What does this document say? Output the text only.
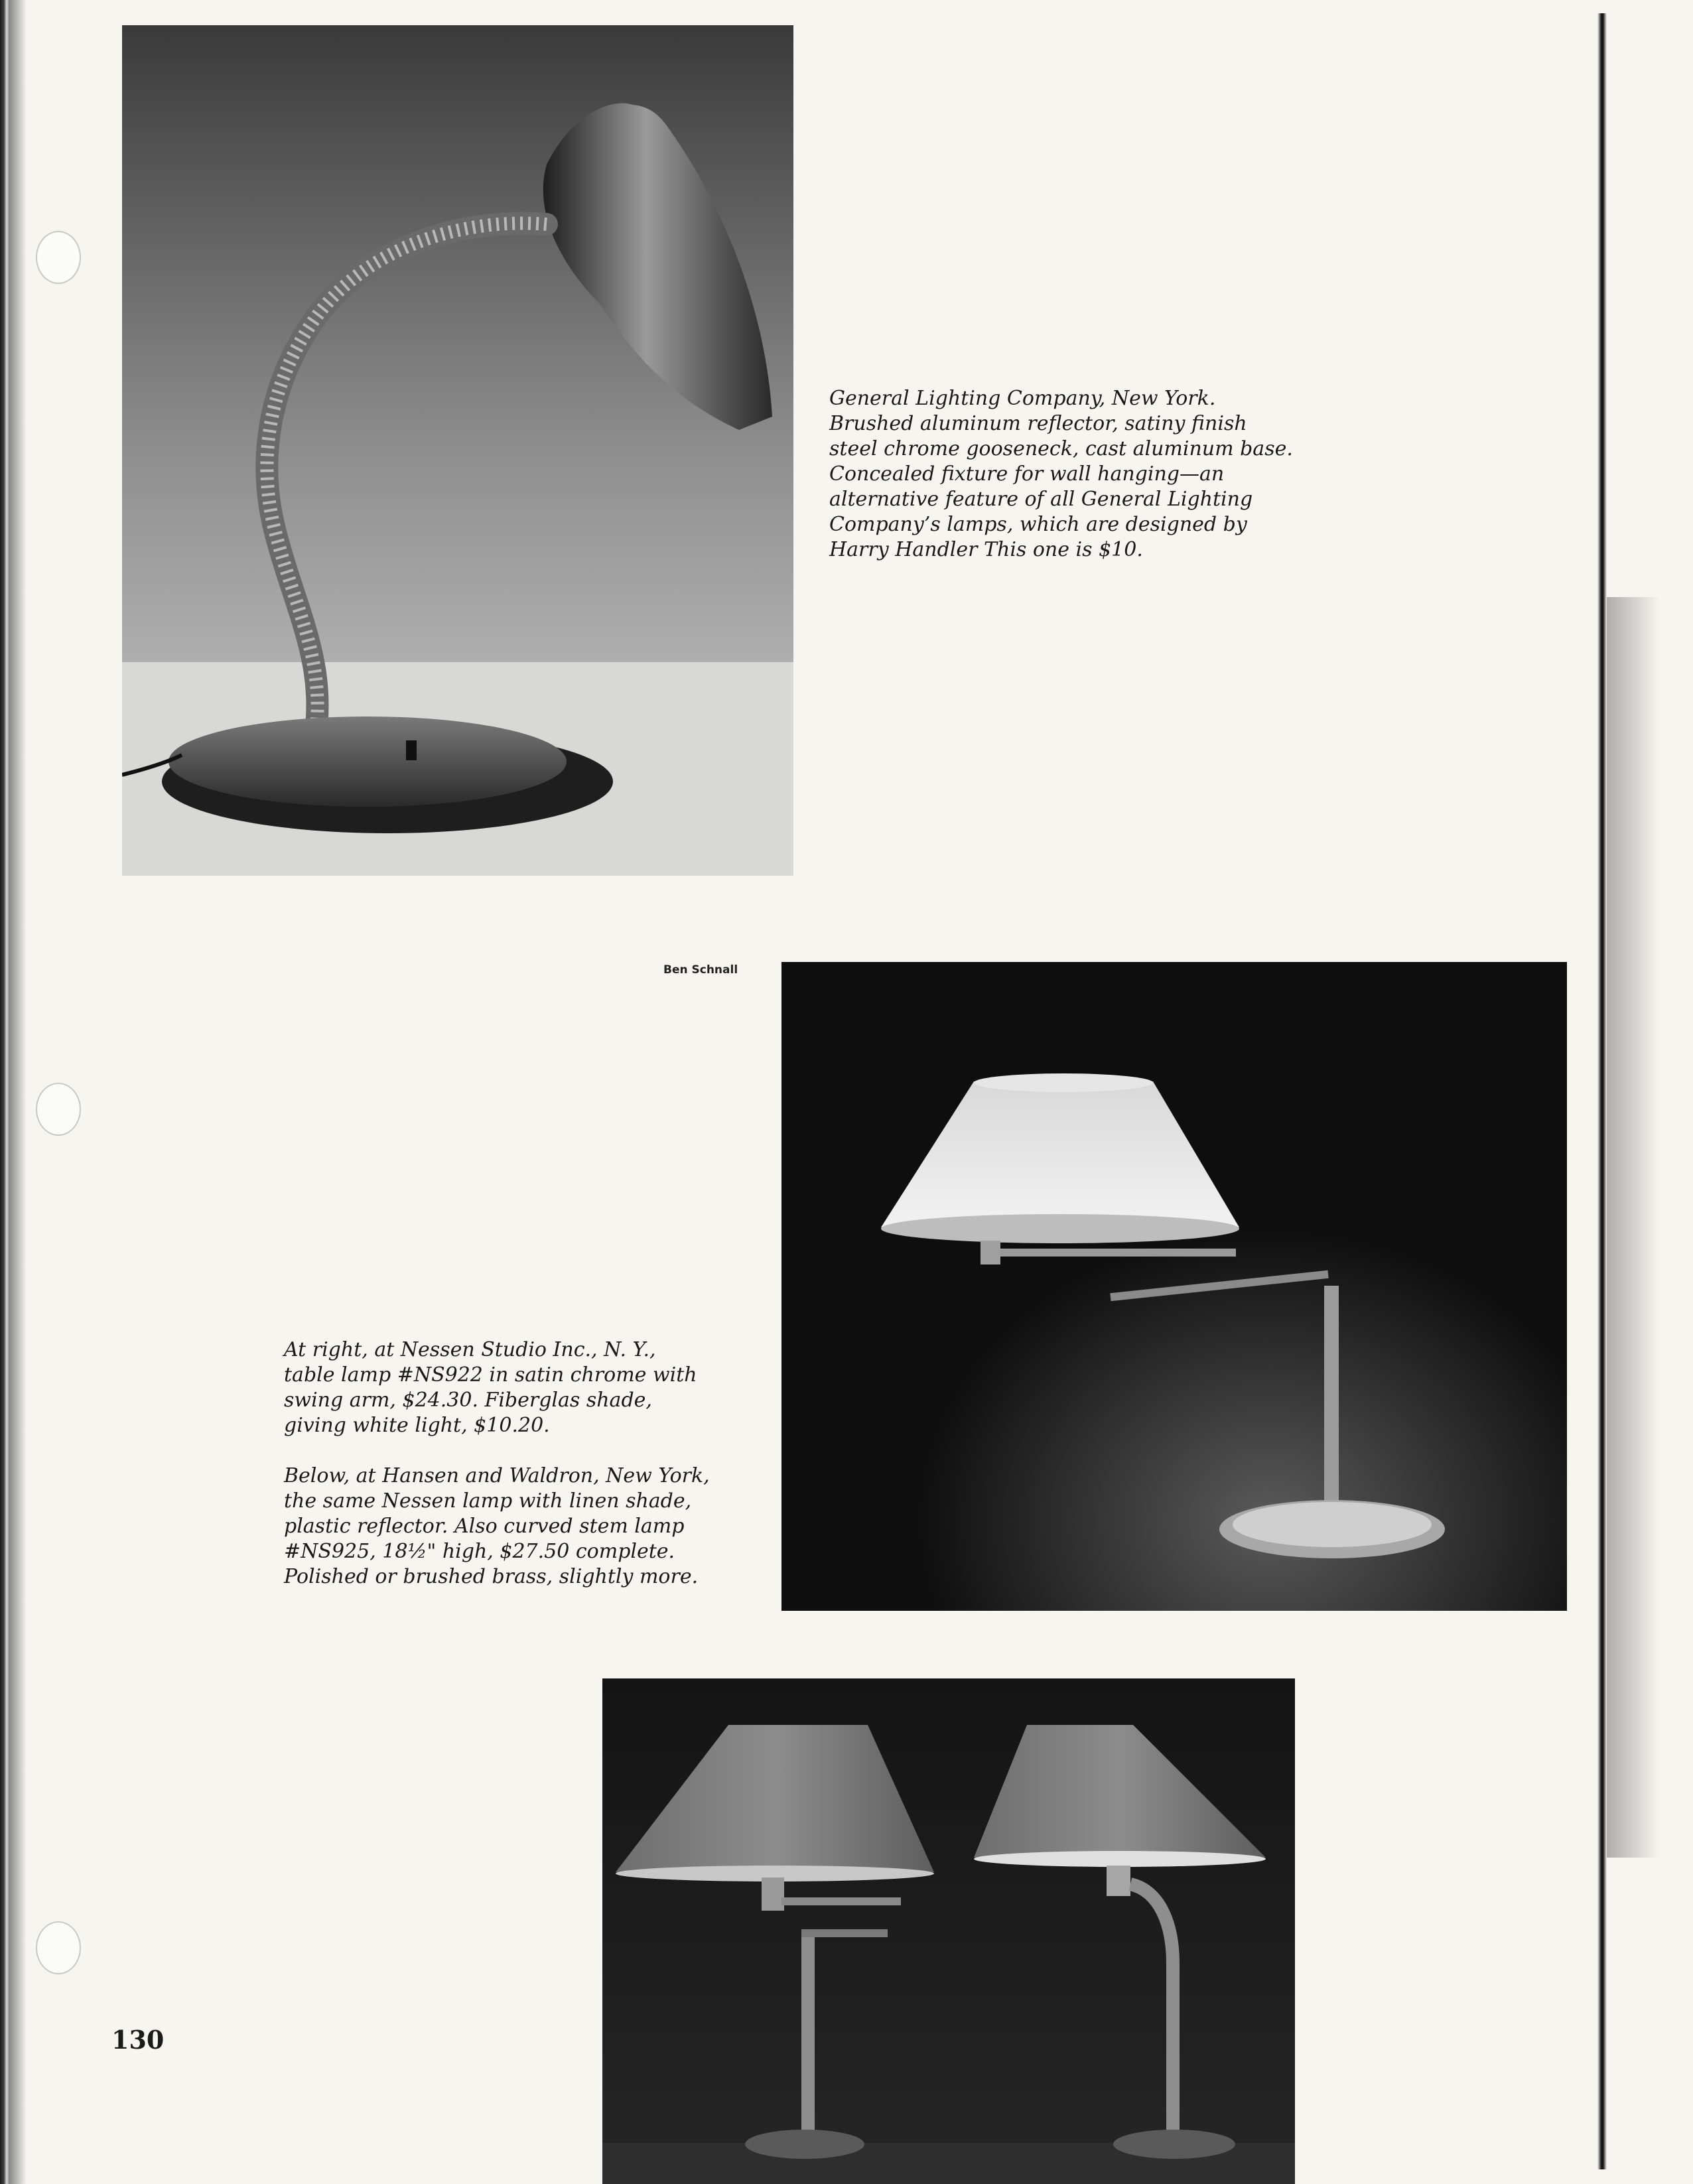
General Lighting Company, New York.

Brushed aluminum reflector, satiny finish

steel chrome gooseneck, cast aluminum base.

Concealed fixture for wall hanging—an

alternative feature of all General Lighting

Company’s lamps, which are designed by

Harry Handler This one is $10.

Ben Schnall

At right, at Nessen Studio Inc., N. Y.,

table lamp #NS922 in satin chrome with

swing arm, $24.30. Fiberglas shade,

giving white light, $10.20.

Below, at Hansen and Waldron, New York,

the same Nessen lamp with linen shade,

plastic reflector. Also curved stem lamp

#NS925, 18½" high, $27.50 complete.

Polished or brushed brass, slightly more.

130
